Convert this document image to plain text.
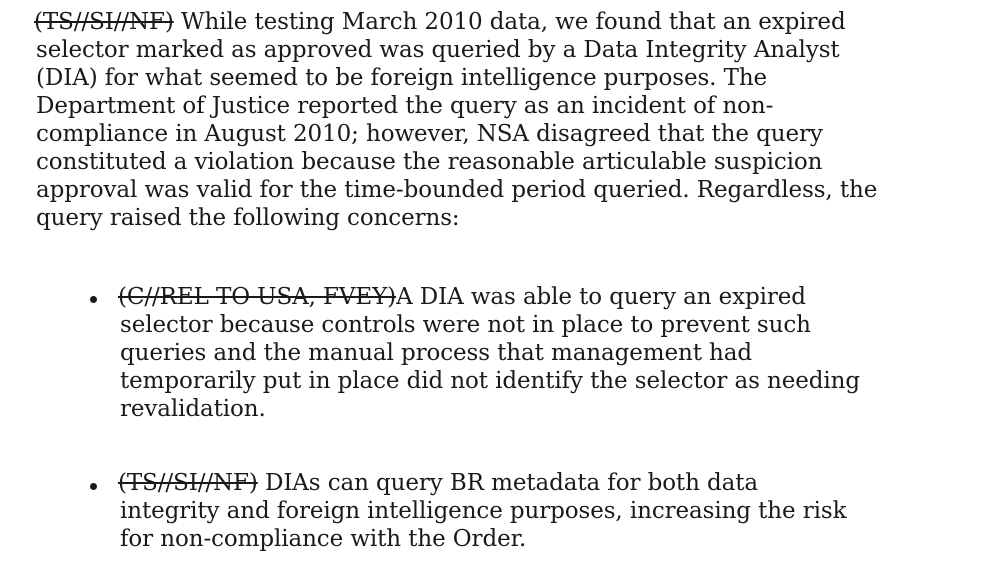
(TS//SI//NF) While testing March 2010 data, we found that an expired
selector marked as approved was queried by a Data Integrity Analyst
(DIA) for what seemed to be foreign intelligence purposes. The
Department of Justice reported the query as an incident of non-
compliance in August 2010; however, NSA disagreed that the query
constituted a violation because the reasonable articulable suspicion
approval was valid for the time-bounded period queried. Regardless, the
query raised the following concerns:
(C//REL TO USA, FVEY)A DIA was able to query an expired
selector because controls were not in place to prevent such
queries and the manual process that management had
temporarily put in place did not identify the selector as needing
revalidation.
(TS//SI//NF) DIAs can query BR metadata for both data
integrity and foreign intelligence purposes, increasing the risk
for non-compliance with the Order.
